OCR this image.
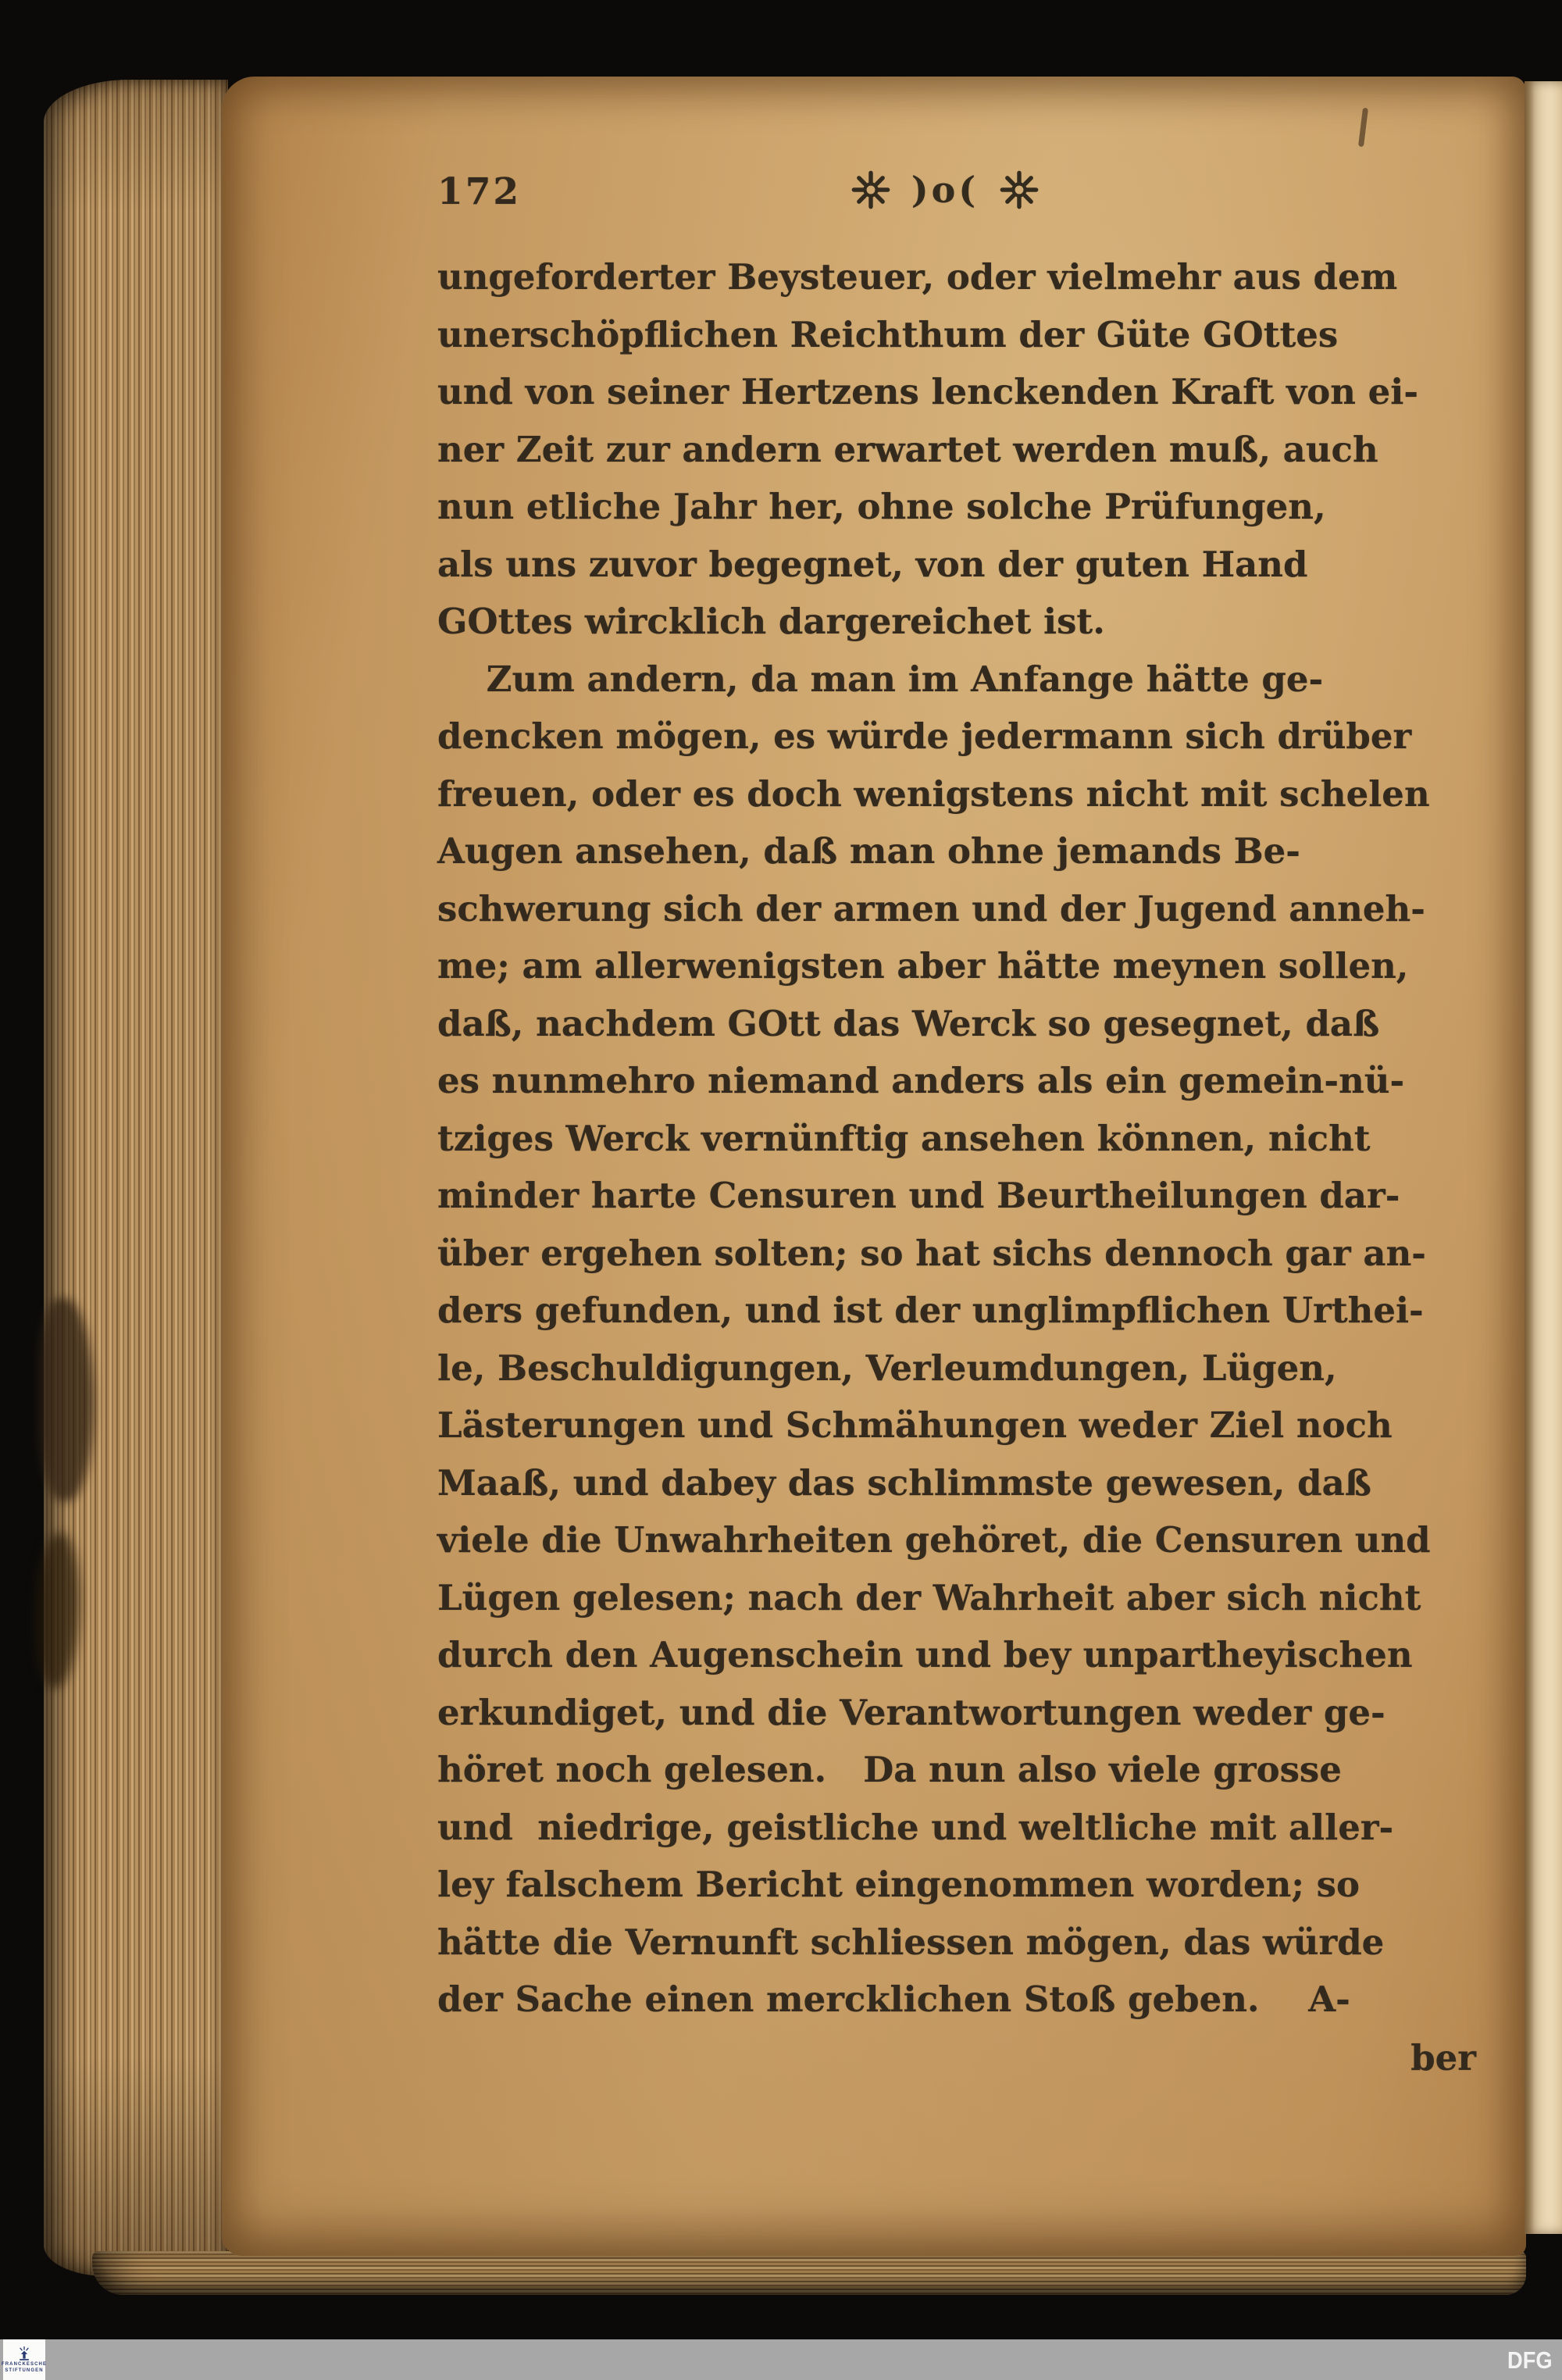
172	)o(
ungeforderter Beysteuer, oder vielmehr aus dem
unerschöpflichen Reichthum der Güte GOttes
und von seiner Hertzens lenckenden Kraft von ei-
ner Zeit zur andern erwartet werden muß, auch
nun etliche Jahr her, ohne solche Prüfungen,
als uns zuvor begegnet, von der guten Hand
GOttes wircklich dargereichet ist.
Zum andern, da man im Anfange hätte ge-
dencken mögen, es würde jedermann sich drüber
freuen, oder es doch wenigstens nicht mit schelen
Augen ansehen, daß man ohne jemands Be-
schwerung sich der armen und der Jugend anneh-
me; am allerwenigsten aber hätte meynen sollen,
daß, nachdem GOtt das Werck so gesegnet, daß
es nunmehro niemand anders als ein gemein-nü-
tziges Werck vernünftig ansehen können, nicht
minder harte Censuren und Beurtheilungen dar-
über ergehen solten; so hat sichs dennoch gar an-
ders gefunden, und ist der unglimpflichen Urthei-
le, Beschuldigungen, Verleumdungen, Lügen,
Lästerungen und Schmähungen weder Ziel noch
Maaß, und dabey das schlimmste gewesen, daß
viele die Unwahrheiten gehöret, die Censuren und
Lügen gelesen; nach der Wahrheit aber sich nicht
durch den Augenschein und bey unpartheyischen
erkundiget, und die Verantwortungen weder ge-
höret noch gelesen.   Da nun also viele grosse
und  niedrige, geistliche und weltliche mit aller-
ley falschem Bericht eingenommen worden; so
hätte die Vernunft schliessen mögen, das würde
der Sache einen mercklichen Stoß geben.    A-
ber
FRANCKESCHE
STIFTUNGEN	DFG
